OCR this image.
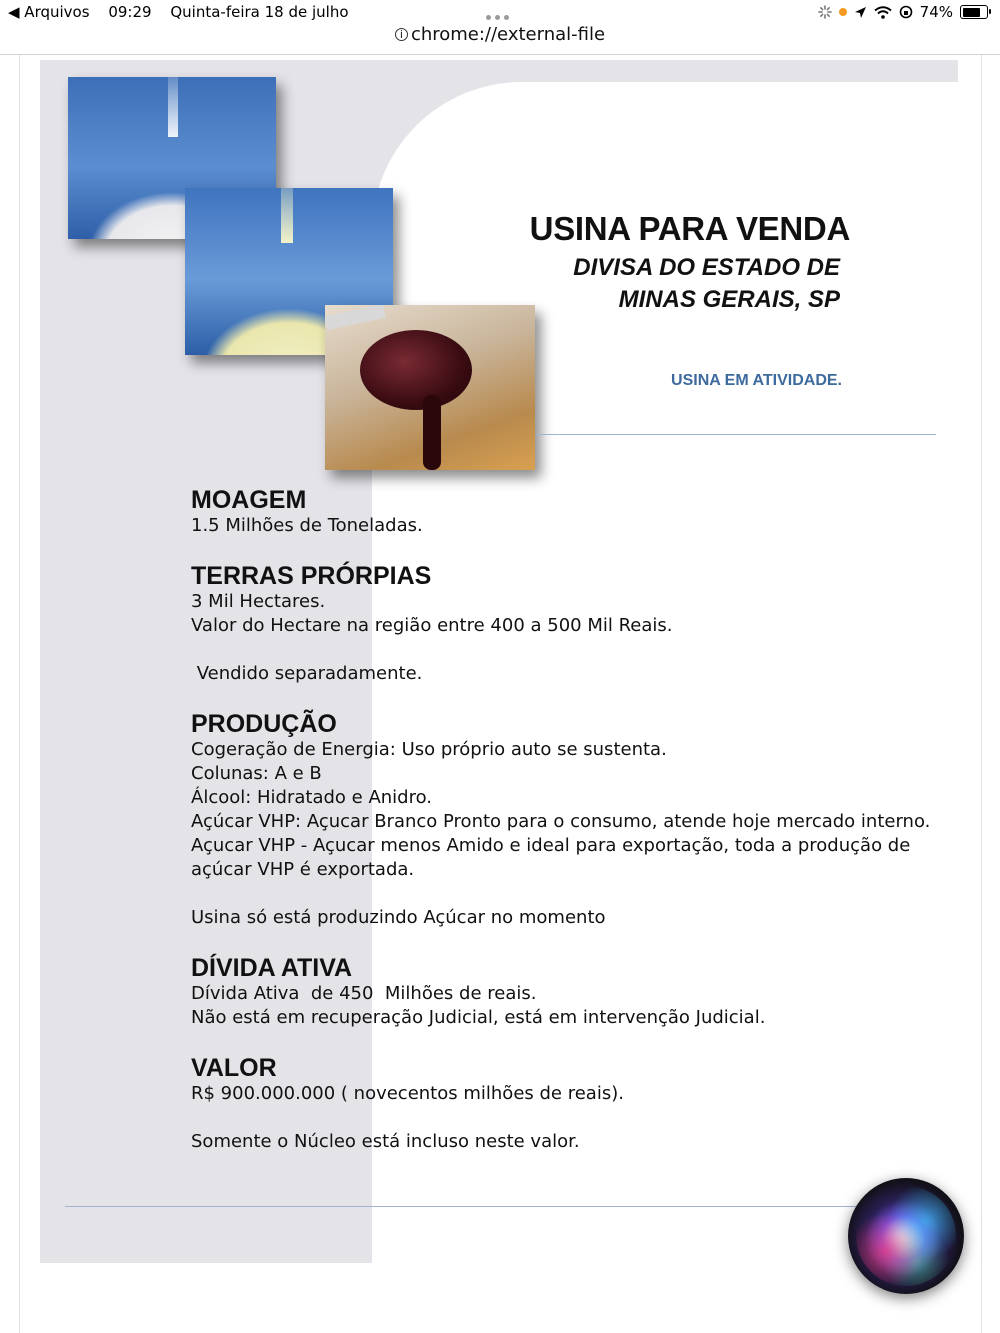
◀ Arquivos 09:29 Quinta-feira 18 de julho	74%
i chrome://external-file
USINA PARA VENDA
DIVISA DO ESTADO DE
MINAS GERAIS, SP
USINA EM ATIVIDADE.
MOAGEM
1.5 Milhões de Toneladas.
TERRAS PRÓRPIAS
3 Mil Hectares.
Valor do Hectare na região entre 400 a 500 Mil Reais.

Vendido separadamente.
PRODUÇÃO
Cogeração de Energia: Uso próprio auto se sustenta.
Colunas: A e B
Álcool: Hidratado e Anidro.
Açúcar VHP: Açucar Branco Pronto para o consumo, atende hoje mercado interno.
Açucar VHP - Açucar menos Amido e ideal para exportação, toda a produção de açúcar VHP é exportada.

Usina só está produzindo Açúcar no momento
DÍVIDA ATIVA
Dívida Ativa  de 450  Milhões de reais.
Não está em recuperação Judicial, está em intervenção Judicial.
VALOR
R$ 900.000.000 ( novecentos milhões de reais).

Somente o Núcleo está incluso neste valor.
